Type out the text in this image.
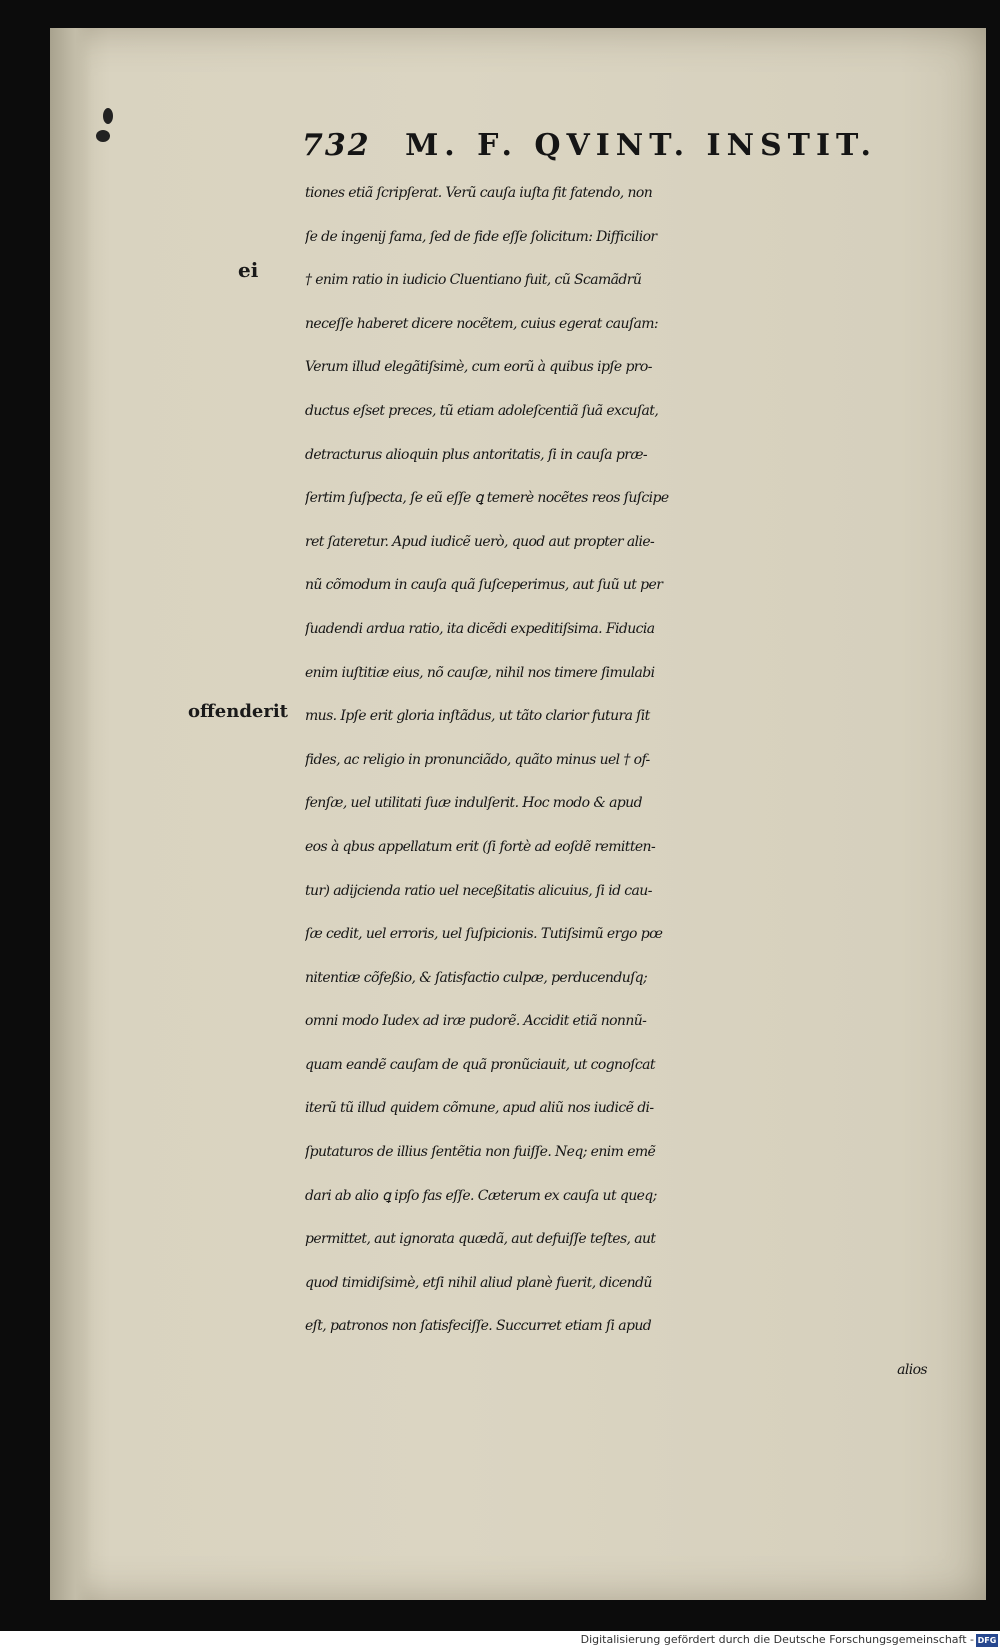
732 M. F. QVINT. INSTIT.
ei
offenderit
tiones etiã ſcripſerat. Verũ cauſa iuſta fit fatendo, non
ſe de ingenij fama, ſed de fide eſſe ſolicitum: Difficilior
† enim ratio in iudicio Cluentiano fuit, cũ Scamãdrũ
neceſſe haberet dicere nocẽtem, cuius egerat cauſam:
Verum illud elegãtiſsimè, cum eorũ à quibus ipſe pro-
ductus eſset preces, tũ etiam adoleſcentiã ſuã excuſat,
detracturus alioquin plus antoritatis, ſi in cauſa præ-
ſertim ſuſpecta, ſe eũ eſſe ꝗ temerè nocẽtes reos ſuſcipe
ret ſateretur. Apud iudicẽ uerò, quod aut propter alie-
nũ cõmodum in cauſa quã ſuſceperimus, aut ſuũ ut per
ſuadendi ardua ratio, ita dicẽdi expeditiſsima. Fiducia
enim iuſtitiæ eius, nõ cauſæ, nihil nos timere ſimulabi
mus. Ipſe erit gloria inſtãdus, ut tãto clarior futura ſit
fides, ac religio in pronunciãdo, quãto minus uel † of-
fenſæ, uel utilitati ſuæ indulſerit. Hoc modo & apud
eos à qbus appellatum erit (ſi fortè ad eoſdẽ remitten-
tur) adijcienda ratio uel neceßitatis alicuius, ſi id cau-
ſæ cedit, uel erroris, uel ſuſpicionis. Tutiſsimũ ergo pœ
nitentiæ cõfeßio, & ſatisfactio culpæ, perducenduſq;
omni modo Iudex ad iræ pudorẽ. Accidit etiã nonnũ-
quam eandẽ cauſam de quã pronũciauit, ut cognoſcat
iterũ tũ illud quidem cõmune, apud aliũ nos iudicẽ di-
ſputaturos de illius ſentẽtia non fuiſſe. Neq; enim emẽ
dari ab alio ꝗ ipſo fas eſſe. Cæterum ex cauſa ut queq;
permittet, aut ignorata quædã, aut defuiſſe teſtes, aut
quod timidiſsimè, etſi nihil aliud planè fuerit, dicendũ
eſt, patronos non ſatisfeciſſe. Succurret etiam ſi apud
alios
Digitalisierung gefördert durch die Deutsche Forschungsgemeinschaft - DFG
